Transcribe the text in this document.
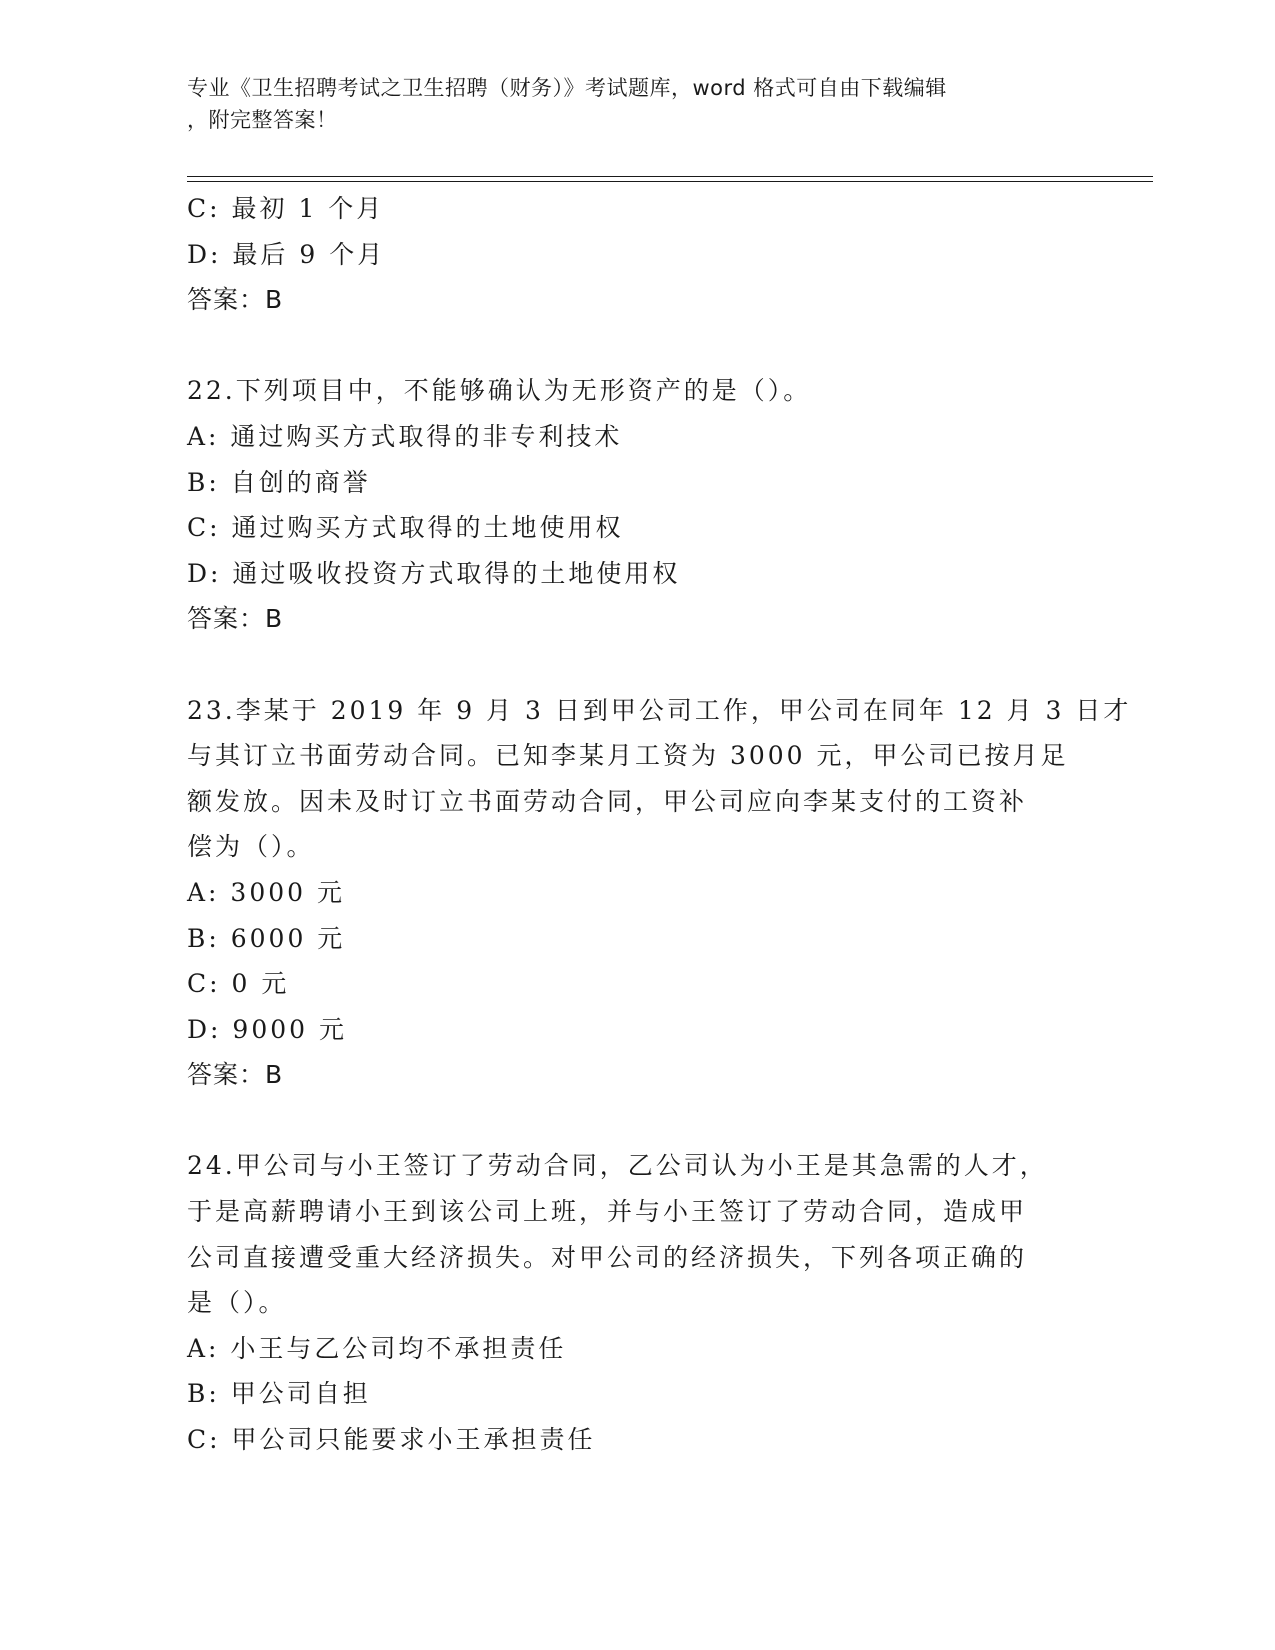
专业《卫生招聘考试之卫生招聘（财务）》考试题库，word 格式可自由下载编辑
，附完整答案！
C: 最初 1 个月
D: 最后 9 个月
答案：B
22.下列项目中，不能够确认为无形资产的是（）。
A: 通过购买方式取得的非专利技术
B: 自创的商誉
C: 通过购买方式取得的土地使用权
D: 通过吸收投资方式取得的土地使用权
答案：B
23.李某于 2019 年 9 月 3 日到甲公司工作，甲公司在同年 12 月 3 日才
与其订立书面劳动合同。已知李某月工资为 3000 元，甲公司已按月足
额发放。因未及时订立书面劳动合同，甲公司应向李某支付的工资补
偿为（）。
A: 3000 元
B: 6000 元
C: 0 元
D: 9000 元
答案：B
24.甲公司与小王签订了劳动合同，乙公司认为小王是其急需的人才，
于是高薪聘请小王到该公司上班，并与小王签订了劳动合同，造成甲
公司直接遭受重大经济损失。对甲公司的经济损失，下列各项正确的
是（）。
A: 小王与乙公司均不承担责任
B: 甲公司自担
C: 甲公司只能要求小王承担责任
